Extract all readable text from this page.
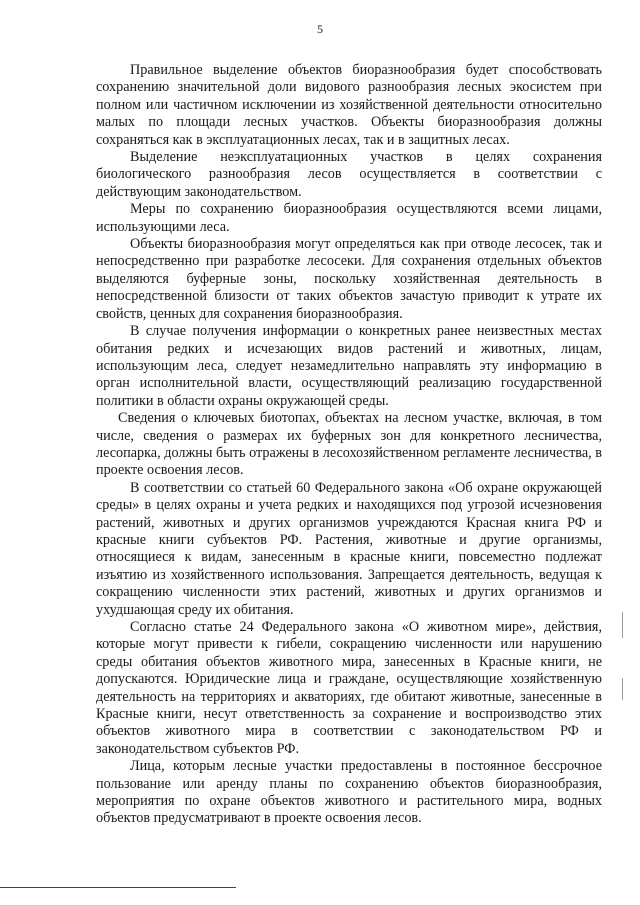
5

Правильное выделение объектов биоразнообразия будет способствовать сохранению значительной доли видового разнообразия лесных экосистем при полном или частичном исключении из хозяйственной деятельности относительно малых по площади лесных участков. Объекты биоразнообразия должны сохраняться как в эксплуатационных лесах, так и в защитных лесах.

Выделение неэксплуатационных участков в целях сохранения биологического разнообразия лесов осуществляется в соответствии с действующим законодательством.

Меры по сохранению биоразнообразия осуществляются всеми лицами, использующими леса.

Объекты биоразнообразия могут определяться как при отводе лесосек, так и непосредственно при разработке лесосеки. Для сохранения отдельных объектов выделяются буферные зоны, поскольку хозяйственная деятельность в непосредственной близости от таких объектов зачастую приводит к утрате их свойств, ценных для сохранения биоразнообразия.

В случае получения информации о конкретных ранее неизвестных местах обитания редких и исчезающих видов растений и животных, лицам, использующим леса, следует незамедлительно направлять эту информацию в орган исполнительной власти, осуществляющий реализацию государственной политики в области охраны окружающей среды.

Сведения о ключевых биотопах, объектах на лесном участке, включая, в том числе, сведения о размерах их буферных зон для конкретного лесничества, лесопарка, должны быть отражены в лесохозяйственном регламенте лесничества, в проекте освоения лесов.

В соответствии со статьей 60 Федерального закона «Об охране окружающей среды» в целях охраны и учета редких и находящихся под угрозой исчезновения растений, животных и других организмов учреждаются Красная книга РФ и красные книги субъектов РФ. Растения, животные и другие организмы, относящиеся к видам, занесенным в красные книги, повсеместно подлежат изъятию из хозяйственного использования. Запрещается деятельность, ведущая к сокращению численности этих растений, животных и других организмов и ухудшающая среду их обитания.

Согласно статье 24 Федерального закона «О животном мире», действия, которые могут привести к гибели, сокращению численности или нарушению среды обитания объектов животного мира, занесенных в Красные книги, не допускаются. Юридические лица и граждане, осуществляющие хозяйственную деятельность на территориях и акваториях, где обитают животные, занесенные в Красные книги, несут ответственность за сохранение и воспроизводство этих объектов животного мира в соответствии с законодательством РФ и законодательством субъектов РФ.

Лица, которым лесные участки предоставлены в постоянное бессрочное пользование или аренду планы по сохранению объектов биоразнообразия, мероприятия по охране объектов животного и растительного мира, водных объектов предусматривают в проекте освоения лесов.
